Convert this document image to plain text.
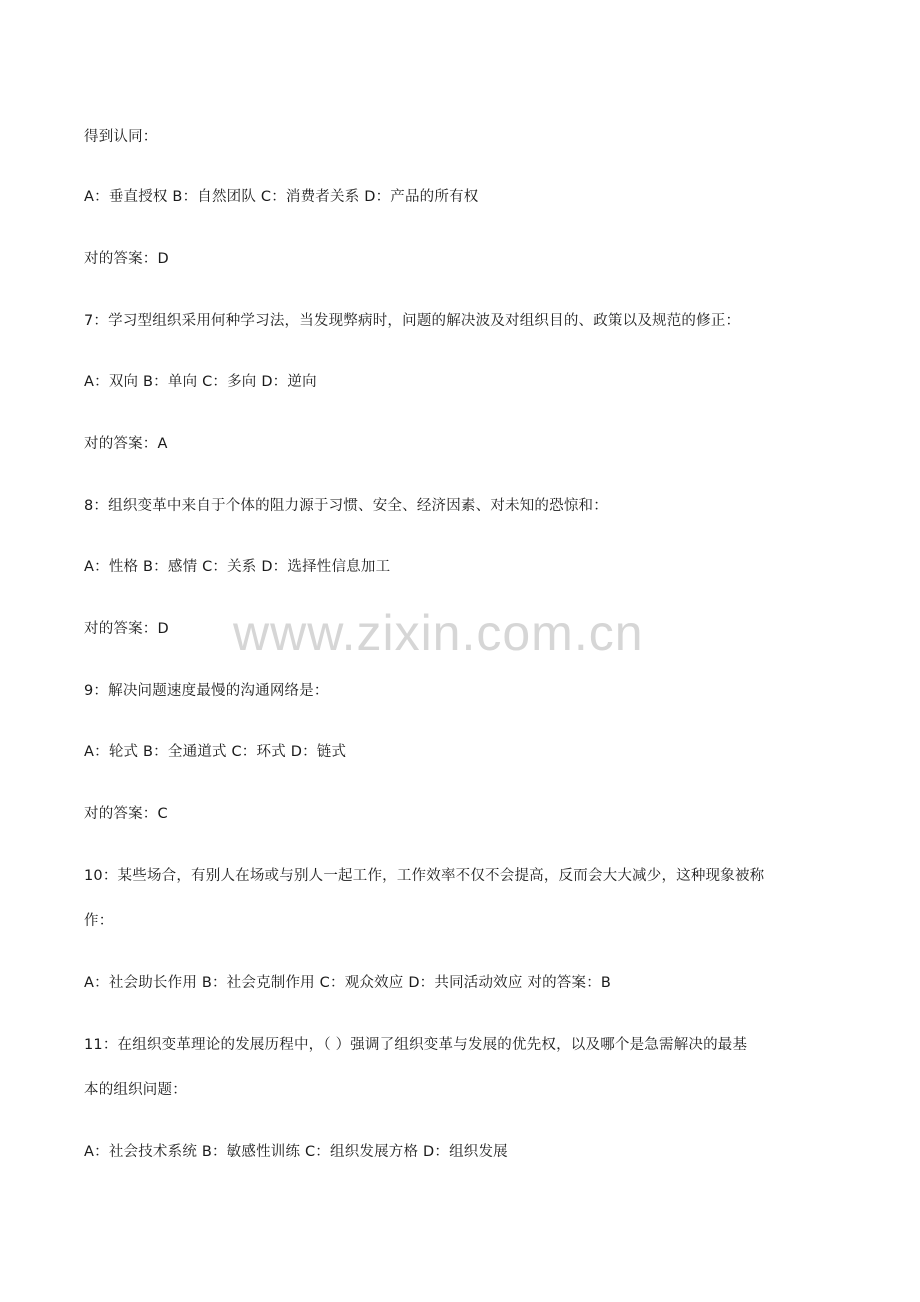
得到认同：
A：垂直授权 B：自然团队 C：消费者关系 D：产品的所有权
对的答案：D
7：学习型组织采用何种学习法，当发现弊病时，问题的解决波及对组织目的、政策以及规范的修正：
A：双向 B：单向 C：多向 D：逆向
对的答案：A
8：组织变革中来自于个体的阻力源于习惯、安全、经济因素、对未知的恐惊和：
A：性格 B：感情 C：关系 D：选择性信息加工
对的答案：D
9：解决问题速度最慢的沟通网络是：
A：轮式 B：全通道式 C：环式 D：链式
对的答案：C
10：某些场合，有别人在场或与别人一起工作，工作效率不仅不会提高，反而会大大减少，这种现象被称
作：
A：社会助长作用 B：社会克制作用 C：观众效应 D：共同活动效应 对的答案：B
11：在组织变革理论的发展历程中，（ ）强调了组织变革与发展的优先权，以及哪个是急需解决的最基
本的组织问题：
A：社会技术系统 B：敏感性训练 C：组织发展方格 D：组织发展
www.zixin.com.cn
